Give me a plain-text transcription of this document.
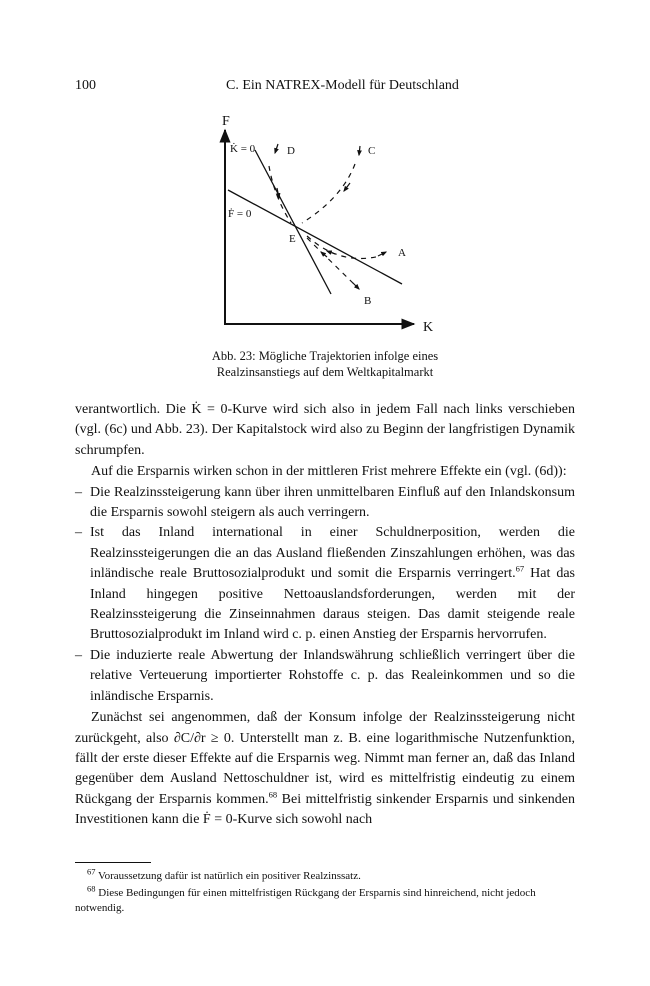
100	C. Ein NATREX-Modell für Deutschland
F
K
K̇ = 0
Ḟ = 0
E
A
B
C
D
Abb. 23: Mögliche Trajektorien infolge eines
Realzinsanstiegs auf dem Weltkapitalmarkt

verantwortlich. Die K̇ = 0-Kurve wird sich also in jedem Fall nach links verschieben (vgl. (6c) und Abb. 23). Der Kapitalstock wird also zu Beginn der langfristigen Dynamik schrumpfen.

Auf die Ersparnis wirken schon in der mittleren Frist mehrere Effekte ein (vgl. (6d)):

– Die Realzinssteigerung kann über ihren unmittelbaren Einfluß auf den Inlandskonsum die Ersparnis sowohl steigern als auch verringern.
– Ist das Inland international in einer Schuldnerposition, werden die Realzinssteigerungen die an das Ausland fließenden Zinszahlungen erhöhen, was das inländische reale Bruttosozialprodukt und somit die Ersparnis verringert.$^{67}$ Hat das Inland hingegen positive Nettoauslandsforderungen, werden mit der Realzinssteigerung die Zinseinnahmen daraus steigen. Das damit steigende reale Bruttosozialprodukt im Inland wird c. p. einen Anstieg der Ersparnis hervorrufen.
– Die induzierte reale Abwertung der Inlandswährung schließlich verringert über die relative Verteuerung importierter Rohstoffe c. p. das Realeinkommen und so die inländische Ersparnis.

Zunächst sei angenommen, daß der Konsum infolge der Realzinssteigerung nicht zurückgeht, also ∂C/∂r ≥ 0. Unterstellt man z. B. eine logarithmische Nutzenfunktion, fällt der erste dieser Effekte auf die Ersparnis weg. Nimmt man ferner an, daß das Inland gegenüber dem Ausland Nettoschuldner ist, wird es mittelfristig eindeutig zu einem Rückgang der Ersparnis kommen.$^{68}$ Bei mittelfristig sinkender Ersparnis und sinkenden Investitionen kann die Ḟ = 0-Kurve sich sowohl nach

$^{67}$ Voraussetzung dafür ist natürlich ein positiver Realzinssatz.

$^{68}$ Diese Bedingungen für einen mittelfristigen Rückgang der Ersparnis sind hinreichend, nicht jedoch notwendig.
